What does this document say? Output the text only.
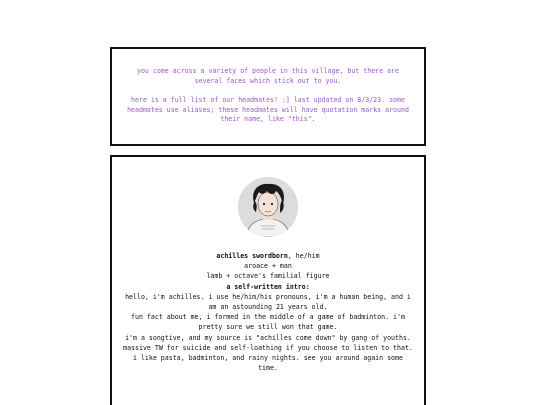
you come across a variety of people in this village, but there are several faces which stick out to you.

here is a full list of our headmates! :] last updated on 8/3/23. some headmates use aliases; these headmates will have quotation marks around their name, like "this".

achilles swordborn, he/him
aroace + man
lamb + octave's familial figure
a self-written intro:
hello, i'm achilles. i use he/him/his pronouns, i'm a human being, and i am an astounding 21 years old.
fun fact about me, i formed in the middle of a game of badminton. i'm pretty sure we still won that game.
i'm a songtive, and my source is "achilles come down" by gang of youths. massive TW for suicide and self-loathing if you choose to listen to that.
i like pasta, badminton, and rainy nights. see you around again some time.
